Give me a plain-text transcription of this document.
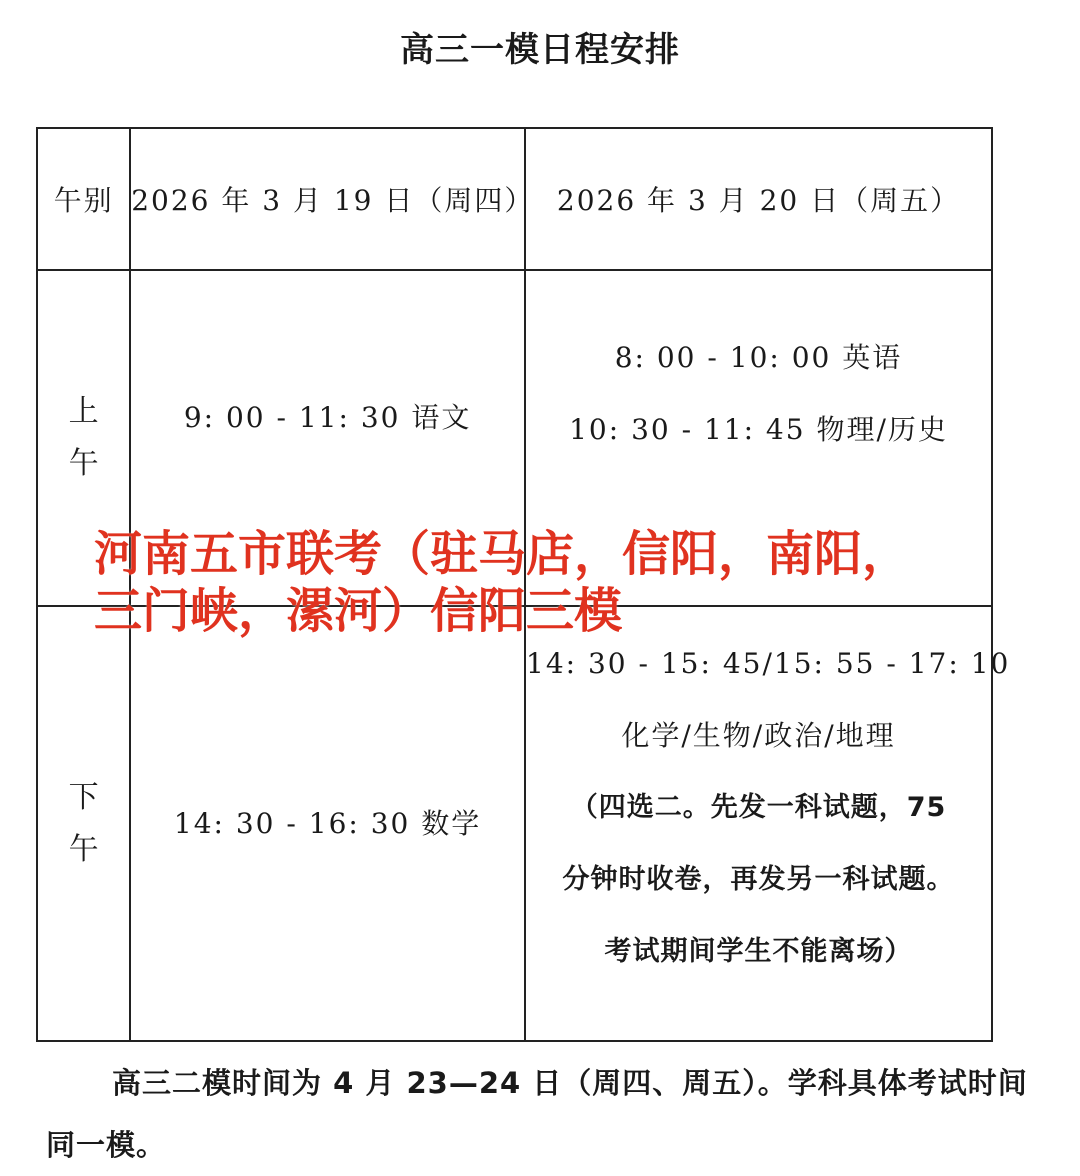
高三一模日程安排
午别	2026 年 3 月 19 日（周四）	2026 年 3 月 20 日（周五）
上午	9: 00 - 11: 30 语文	8: 00 - 10: 00 英语
10: 30 - 11: 45 物理/历史

下午	14: 30 - 16: 30 数学	14: 30 - 15: 45/15: 55 - 17: 10
化学/生物/政治/地理
（四选二。先发一科试题，75
分钟时收卷，再发另一科试题。
考试期间学生不能离场）
河南五市联考（驻马店，信阳，南阳，
三门峡，漯河）信阳三模
高三二模时间为 4 月 23—24 日（周四、周五）。学科具体考试时间同一模。
